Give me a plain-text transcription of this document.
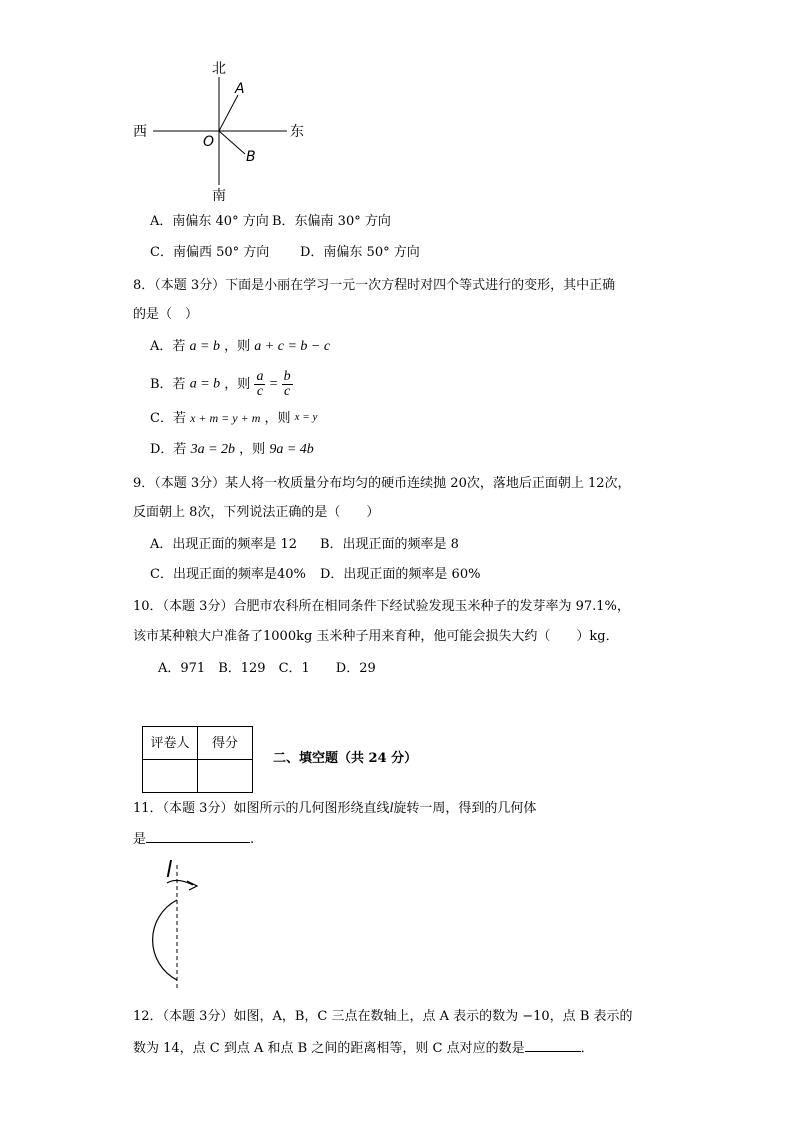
北
南
西	东
O
A
B
A．南偏东 40° 方向 B．东偏南 30° 方向
C．南偏西 50° 方向 D．南偏东 50° 方向
8．（本题 3分）下面是小丽在学习一元一次方程时对四个等式进行的变形，其中正确
的是（　）
A．若 a = b ，则 a + c = b − c
B．若 a = b ，则 $\frac{a}{c} = \frac{b}{c}$
C．若 x + m = y + m ，则 x = y
D．若 3a = 2b ，则 9a = 4b
9．（本题 3分）某人将一枚质量分布均匀的硬币连续抛 20次，落地后正面朝上 12次，
反面朝上 8次，下列说法正确的是（　　）
A．出现正面的频率是 12 B．出现正面的频率是 8
C．出现正面的频率是40% D．出现正面的频率是 60%
10．（本题 3分）合肥市农科所在相同条件下经试验发现玉米种子的发芽率为 97.1%，
该市某种粮大户准备了1000kg 玉米种子用来育种，他可能会损失大约（　　）kg．
A．971　B．129　C．1　　D．29
评卷人	得分

二、填空题（共 24 分）
11．（本题 3分）如图所示的几何图形绕直线l旋转一周，得到的几何体
是	.
l
12．（本题 3分）如图，A，B，C 三点在数轴上，点 A 表示的数为 −10，点 B 表示的
数为 14，点 C 到点 A 和点 B 之间的距离相等，则 C 点对应的数是	．
